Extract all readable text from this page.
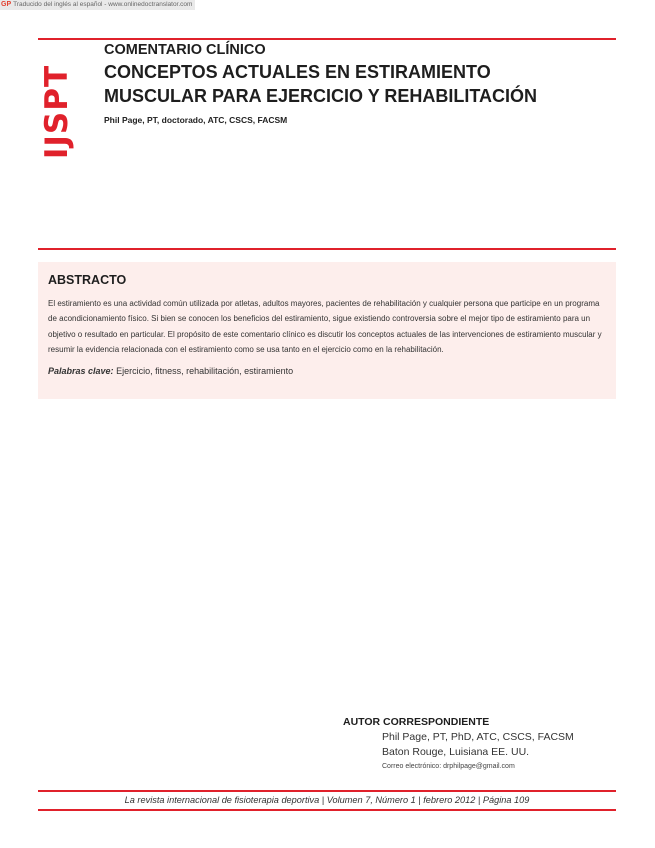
GP Traducido del inglés al español - www.onlinedoctranslator.com
IJSPT
COMENTARIO CLÍNICO
CONCEPTOS ACTUALES EN ESTIRAMIENTO
MUSCULAR PARA EJERCICIO Y REHABILITACIÓN
Phil Page, PT, doctorado, ATC, CSCS, FACSM
ABSTRACTO

El estiramiento es una actividad común utilizada por atletas, adultos mayores, pacientes de rehabilitación y cualquier persona que participe en un programa de acondicionamiento físico. Si bien se conocen los beneficios del estiramiento, sigue existiendo controversia sobre el mejor tipo de estiramiento para un objetivo o resultado en particular. El propósito de este comentario clínico es discutir los conceptos actuales de las intervenciones de estiramiento muscular y resumir la evidencia relacionada con el estiramiento como se usa tanto en el ejercicio como en la rehabilitación.

Palabras clave: Ejercicio, fitness, rehabilitación, estiramiento
AUTOR CORRESPONDIENTE
Phil Page, PT, PhD, ATC, CSCS, FACSM
Baton Rouge, Luisiana EE. UU.
Correo electrónico: drphilpage@gmail.com
La revista internacional de fisioterapia deportiva | Volumen 7, Número 1 | febrero 2012 | Página 109
